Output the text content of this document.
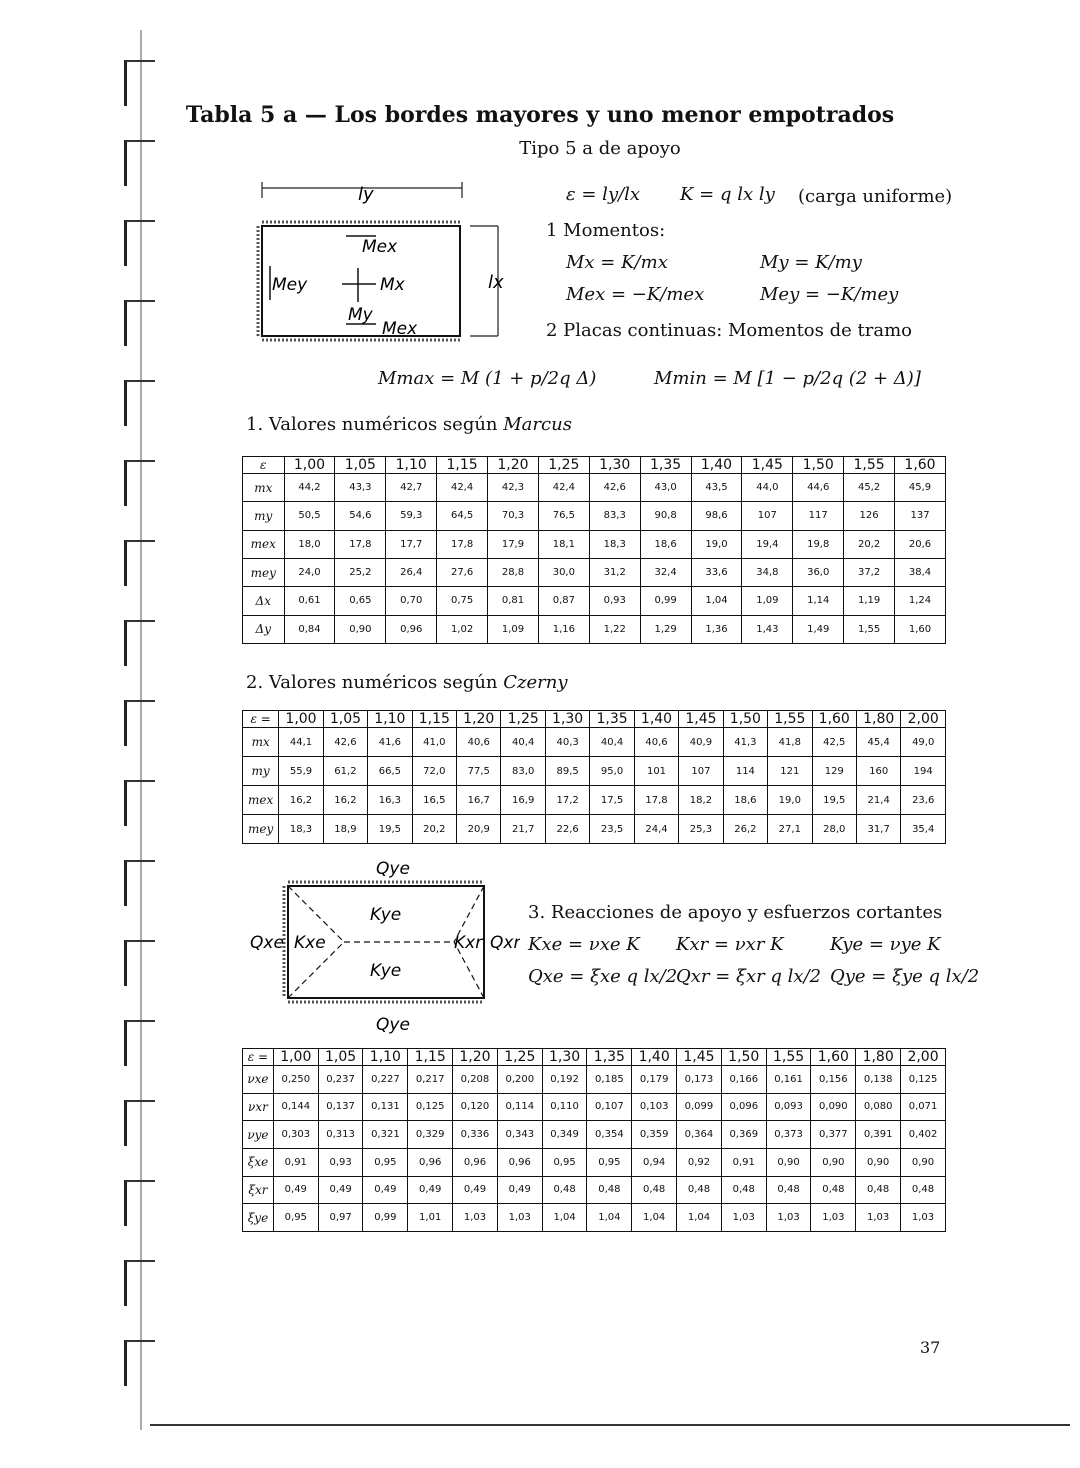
Tabla 5 a — Los bordes mayores y uno menor empotrados
Tipo 5 a de apoyo
ly
lx
Mex
Mey	Mx
My
Mex
ε = ly/lx K = q lx ly (carga uniforme)
1 Momentos:
Mx = K/mx	My = K/my
Mex = −K/mex	Mey = −K/mey
2 Placas continuas: Momentos de tramo
Mmax = M (1 + p/2q Δ)	Mmin = M [1 − p/2q (2 + Δ)]
1. Valores numéricos según Marcus
ε	1,00	1,05	1,10	1,15	1,20	1,25	1,30	1,35	1,40	1,45	1,50	1,55	1,60
mx	44,2	43,3	42,7	42,4	42,3	42,4	42,6	43,0	43,5	44,0	44,6	45,2	45,9
my	50,5	54,6	59,3	64,5	70,3	76,5	83,3	90,8	98,6	107	117	126	137
mex	18,0	17,8	17,7	17,8	17,9	18,1	18,3	18,6	19,0	19,4	19,8	20,2	20,6
mey	24,0	25,2	26,4	27,6	28,8	30,0	31,2	32,4	33,6	34,8	36,0	37,2	38,4
Δx	0,61	0,65	0,70	0,75	0,81	0,87	0,93	0,99	1,04	1,09	1,14	1,19	1,24
Δy	0,84	0,90	0,96	1,02	1,09	1,16	1,22	1,29	1,36	1,43	1,49	1,55	1,60
2. Valores numéricos según Czerny
ε =	1,00	1,05	1,10	1,15	1,20	1,25	1,30	1,35	1,40	1,45	1,50	1,55	1,60	1,80	2,00
mx	44,1	42,6	41,6	41,0	40,6	40,4	40,3	40,4	40,6	40,9	41,3	41,8	42,5	45,4	49,0
my	55,9	61,2	66,5	72,0	77,5	83,0	89,5	95,0	101	107	114	121	129	160	194
mex	16,2	16,2	16,3	16,5	16,7	16,9	17,2	17,5	17,8	18,2	18,6	19,0	19,5	21,4	23,6
mey	18,3	18,9	19,5	20,2	20,9	21,7	22,6	23,5	24,4	25,3	26,2	27,1	28,0	31,7	35,4
Qye
Qxe Kxe
Kye
Kye
Kxr Qxr
Qye
3. Reacciones de apoyo y esfuerzos cortantes
Kxe = νxe K Kxr = νxr K	Kye = νye K
Qxe = ξxe q lx/2
Qxr = ξxr q lx/2 Qye = ξye q lx/2
ε =	1,00	1,05	1,10	1,15	1,20	1,25	1,30	1,35	1,40	1,45	1,50	1,55	1,60	1,80	2,00
νxe	0,250	0,237	0,227	0,217	0,208	0,200	0,192	0,185	0,179	0,173	0,166	0,161	0,156	0,138	0,125
νxr	0,144	0,137	0,131	0,125	0,120	0,114	0,110	0,107	0,103	0,099	0,096	0,093	0,090	0,080	0,071
νye	0,303	0,313	0,321	0,329	0,336	0,343	0,349	0,354	0,359	0,364	0,369	0,373	0,377	0,391	0,402
ξxe	0,91	0,93	0,95	0,96	0,96	0,96	0,95	0,95	0,94	0,92	0,91	0,90	0,90	0,90	0,90
ξxr	0,49	0,49	0,49	0,49	0,49	0,49	0,48	0,48	0,48	0,48	0,48	0,48	0,48	0,48	0,48
ξye	0,95	0,97	0,99	1,01	1,03	1,03	1,04	1,04	1,04	1,04	1,03	1,03	1,03	1,03	1,03
37
